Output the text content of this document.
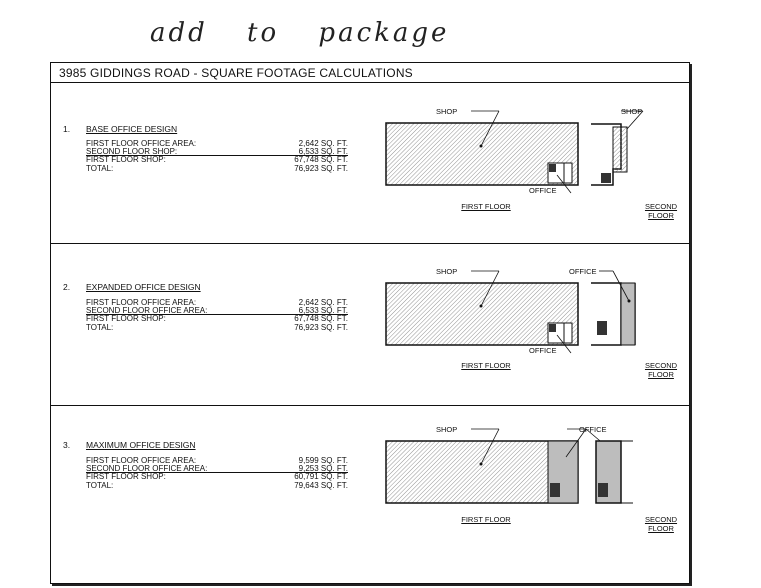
add to package
3985 GIDDINGS ROAD - SQUARE FOOTAGE CALCULATIONS
1. BASE OFFICE DESIGN
FIRST FLOOR OFFICE AREA:	2,642 SQ. FT.
SECOND FLOOR SHOP:	6,533 SQ. FT.
FIRST FLOOR SHOP:	67,748 SQ. FT.
TOTAL:	76,923 SQ. FT.
SHOP	SHOP
OFFICE
FIRST FLOOR	SECOND
FLOOR
2. EXPANDED OFFICE DESIGN
FIRST FLOOR OFFICE AREA:	2,642 SQ. FT.
SECOND FLOOR OFFICE AREA:	6,533 SQ. FT.
FIRST FLOOR SHOP:	67,748 SQ. FT.
TOTAL:	76,923 SQ. FT.
SHOP	OFFICE
OFFICE
FIRST FLOOR	SECOND
FLOOR
3. MAXIMUM OFFICE DESIGN
FIRST FLOOR OFFICE AREA:	9,599 SQ. FT.
SECOND FLOOR OFFICE AREA:	9,253 SQ. FT.
FIRST FLOOR SHOP:	60,791 SQ. FT.
TOTAL:	79,643 SQ. FT.
SHOP	OFFICE
FIRST FLOOR	SECOND
FLOOR
